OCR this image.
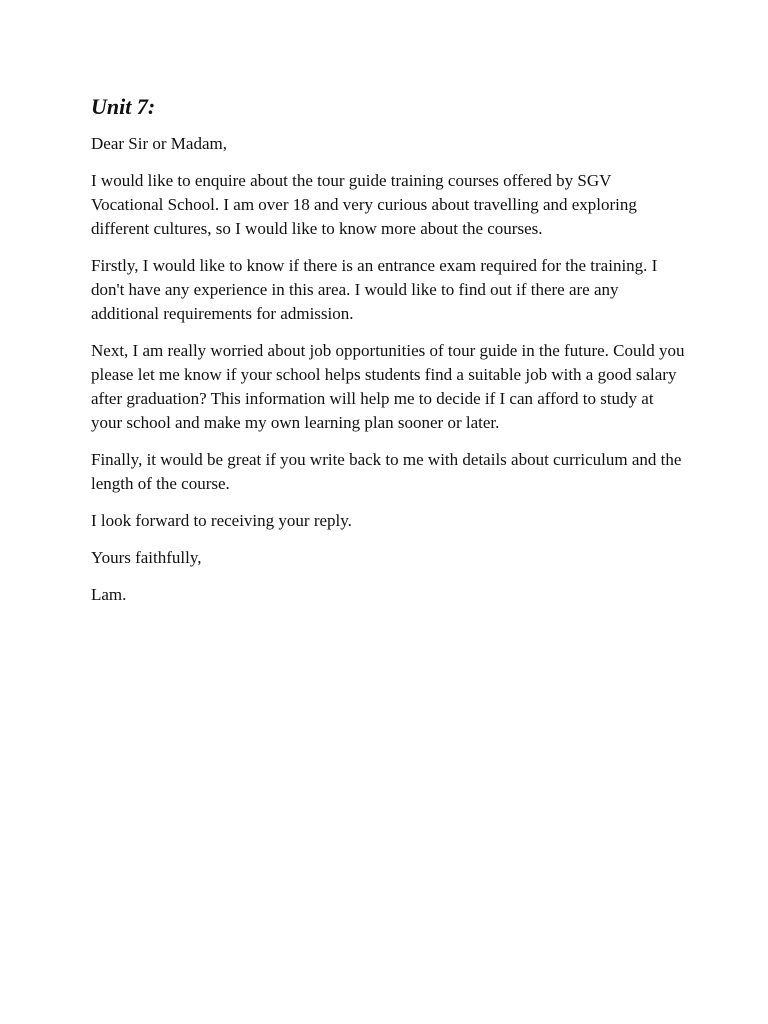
Unit 7:

Dear Sir or Madam,

I would like to enquire about the tour guide training courses offered by SGV Vocational School. I am over 18 and very curious about travelling and exploring different cultures, so I would like to know more about the courses.

Firstly, I would like to know if there is an entrance exam required for the training. I don't have any experience in this area. I would like to find out if there are any additional requirements for admission.

Next, I am really worried about job opportunities of tour guide in the future. Could you please let me know if your school helps students find a suitable job with a good salary after graduation? This information will help me to decide if I can afford to study at your school and make my own learning plan sooner or later.

Finally, it would be great if you write back to me with details about curriculum and the length of the course.

I look forward to receiving your reply.

Yours faithfully,

Lam.
